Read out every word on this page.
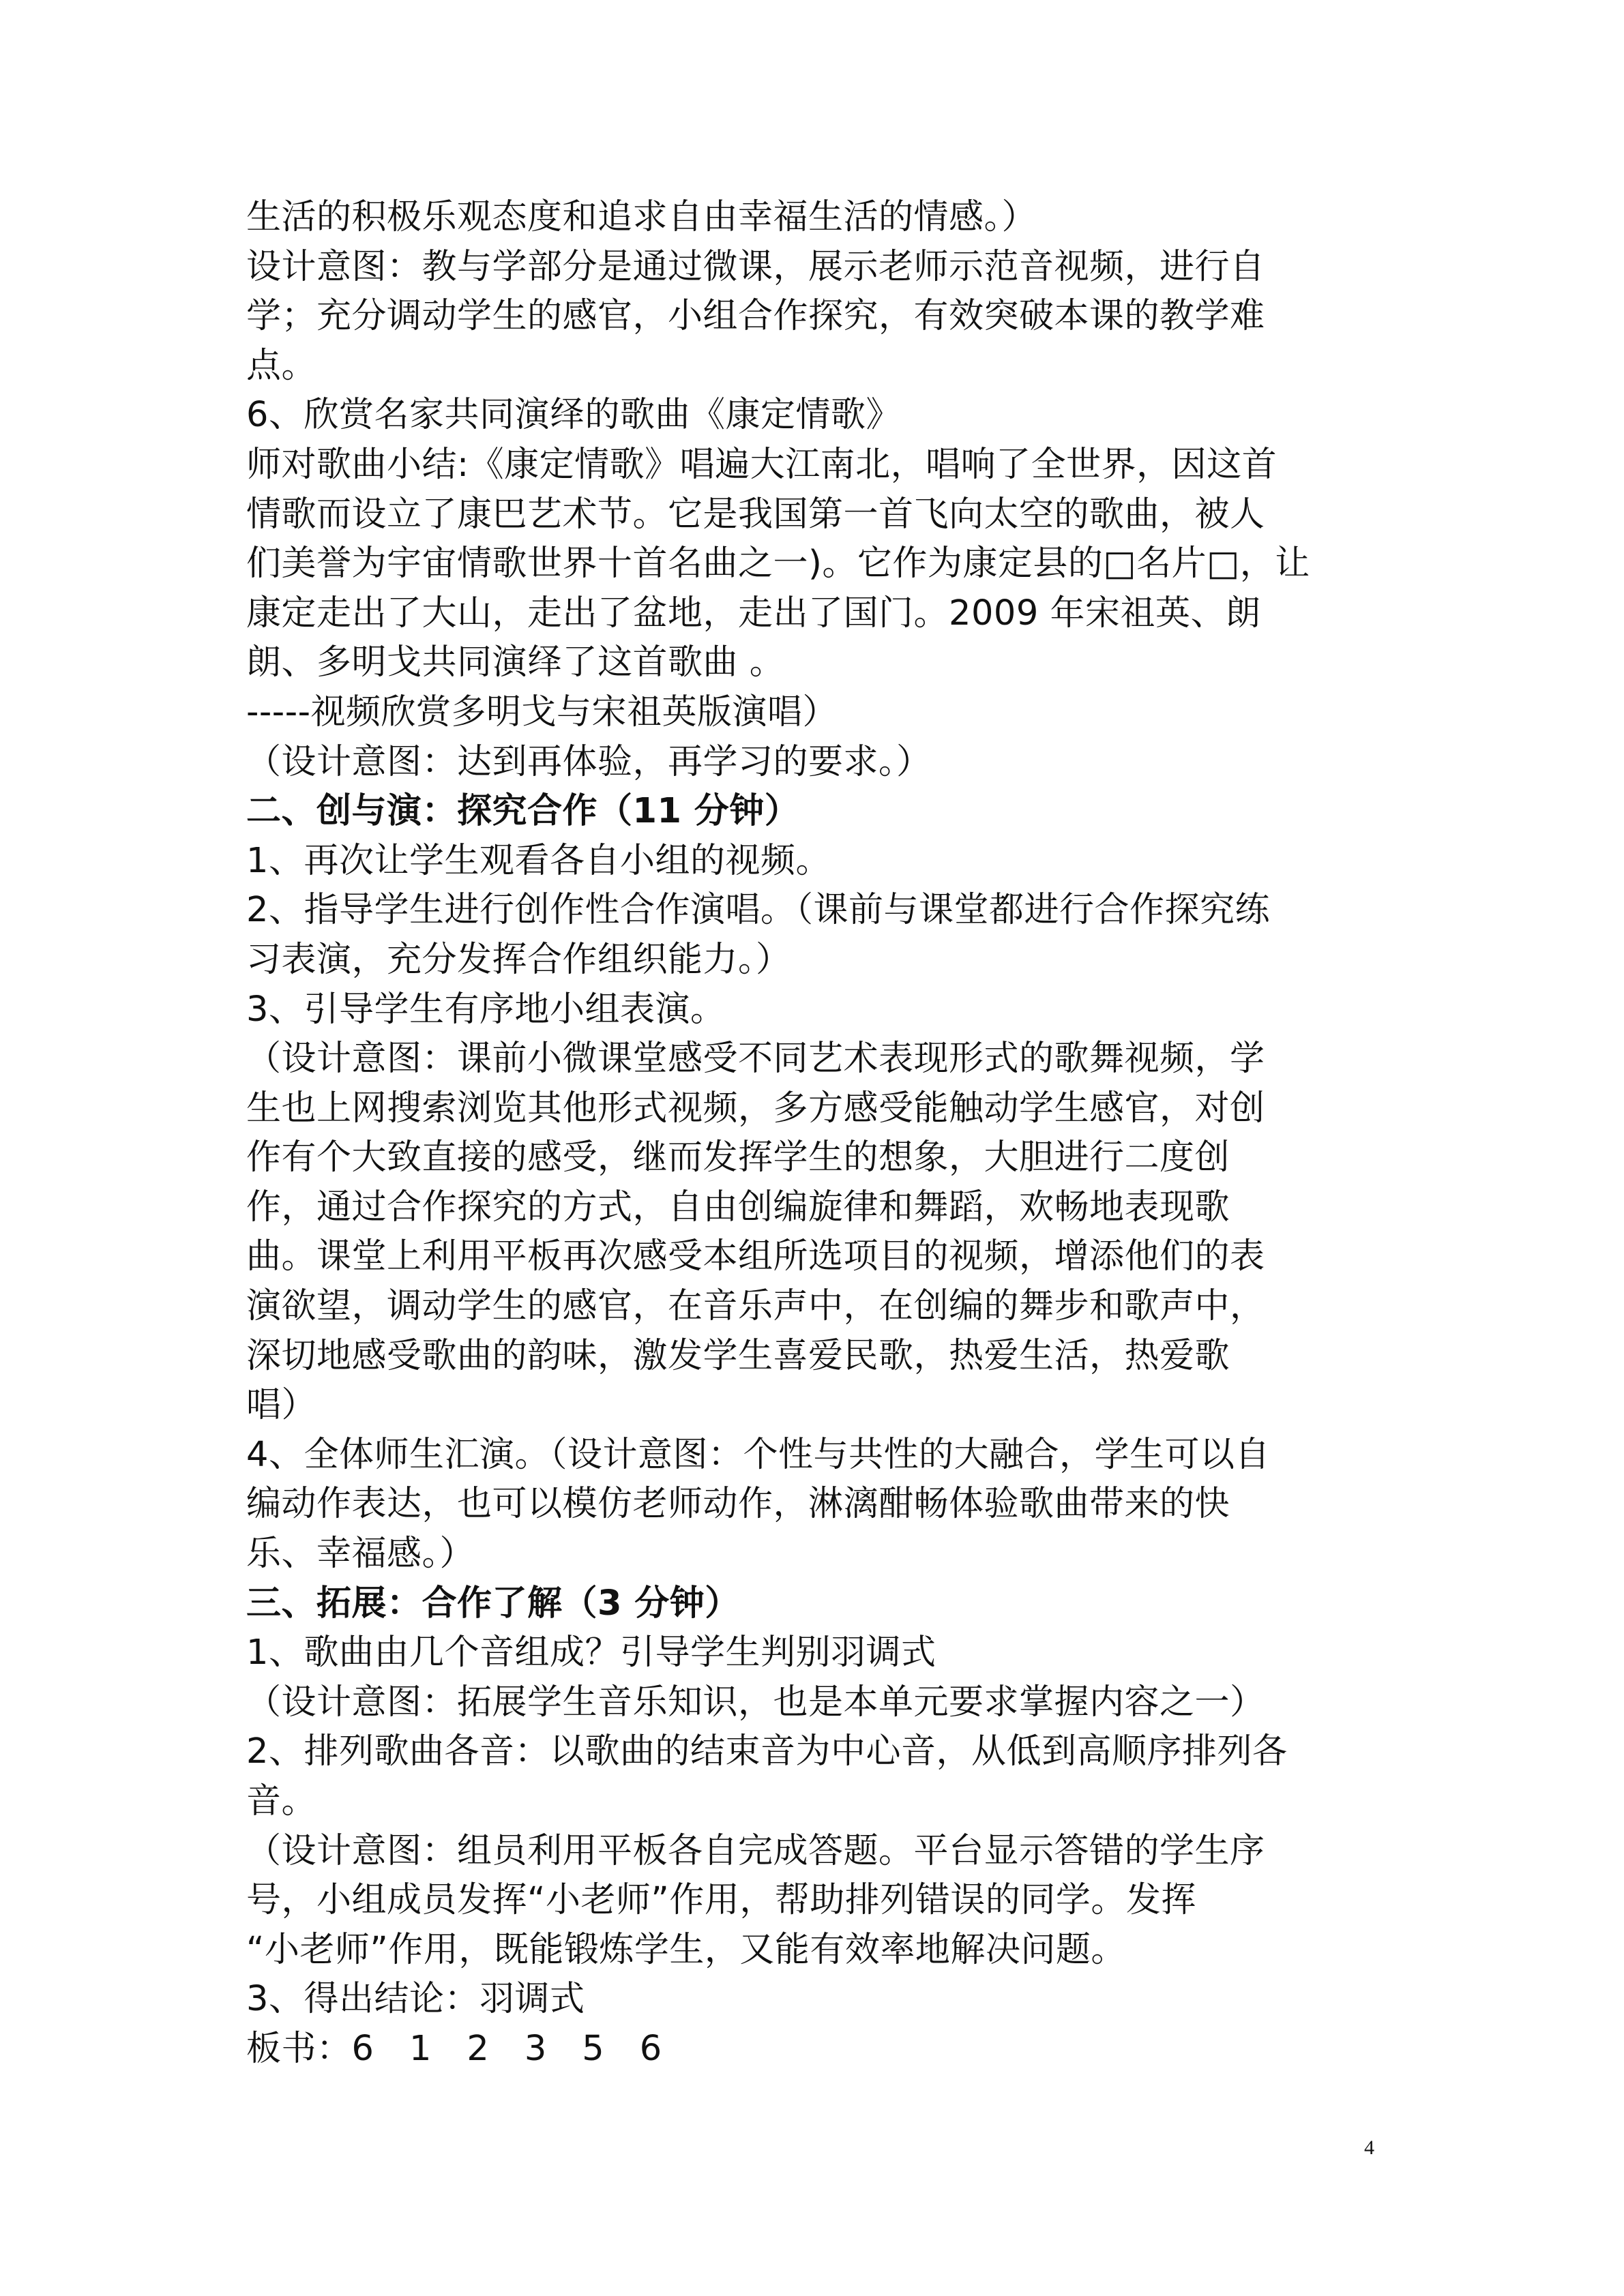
生活的积极乐观态度和追求自由幸福生活的情感。）
设计意图：教与学部分是通过微课，展示老师示范音视频，进行自
学；充分调动学生的感官，小组合作探究，有效突破本课的教学难
点。
6、欣赏名家共同演绎的歌曲《康定情歌》
师对歌曲小结:《康定情歌》唱遍大江南北，唱响了全世界，因这首
情歌而设立了康巴艺术节。它是我国第一首飞向太空的歌曲，被人
们美誉为宇宙情歌世界十首名曲之一)。它作为康定县的□名片□，让
康定走出了大山，走出了盆地，走出了国门。2009 年宋祖英、朗
朗、多明戈共同演绎了这首歌曲 。
-----视频欣赏多明戈与宋祖英版演唱）
（设计意图：达到再体验，再学习的要求。）
二、创与演：探究合作（11 分钟）
1、再次让学生观看各自小组的视频。
2、指导学生进行创作性合作演唱。（课前与课堂都进行合作探究练
习表演，充分发挥合作组织能力。）
3、引导学生有序地小组表演。
（设计意图：课前小微课堂感受不同艺术表现形式的歌舞视频，学
生也上网搜索浏览其他形式视频，多方感受能触动学生感官，对创
作有个大致直接的感受，继而发挥学生的想象，大胆进行二度创
作，通过合作探究的方式，自由创编旋律和舞蹈，欢畅地表现歌
曲。课堂上利用平板再次感受本组所选项目的视频，增添他们的表
演欲望，调动学生的感官，在音乐声中，在创编的舞步和歌声中，
深切地感受歌曲的韵味，激发学生喜爱民歌，热爱生活，热爱歌
唱）
4、全体师生汇演。（设计意图：个性与共性的大融合，学生可以自
编动作表达，也可以模仿老师动作，淋漓酣畅体验歌曲带来的快
乐、幸福感。）
三、拓展：合作了解（3 分钟）
1、歌曲由几个音组成？引导学生判别羽调式
（设计意图：拓展学生音乐知识，也是本单元要求掌握内容之一）
2、排列歌曲各音：以歌曲的结束音为中心音，从低到高顺序排列各
音。
（设计意图：组员利用平板各自完成答题。平台显示答错的学生序
号，小组成员发挥“小老师”作用，帮助排列错误的同学。发挥
“小老师”作用，既能锻炼学生，又能有效率地解决问题。
3、得出结论：羽调式
板书：6　1　2　3　5　6
4
